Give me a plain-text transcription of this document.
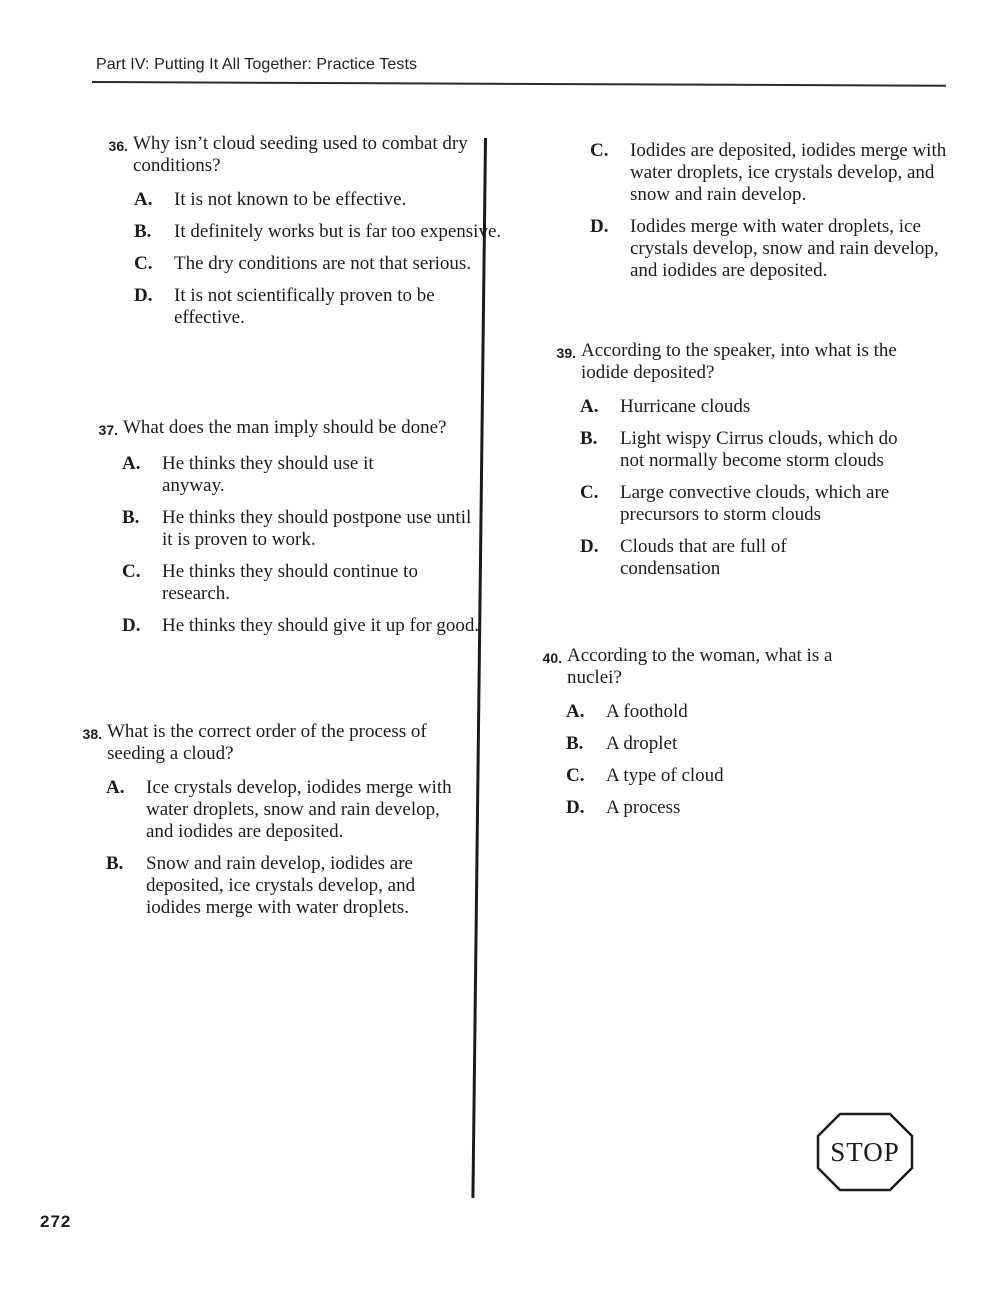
Part IV: Putting It All Together: Practice Tests
36. Why isn’t cloud seeding used to combat dry conditions?
A.	It is not known to be effective.
B.	It definitely works but is far too expensive.
C.	The dry conditions are not that serious.
D.	It is not scientifically proven to be effective.
37. What does the man imply should be done?
A.	He thinks they should use it anyway.
B.	He thinks they should postpone use until it is proven to work.
C.	He thinks they should continue to research.
D.	He thinks they should give it up for good.
38. What is the correct order of the process of seeding a cloud?
A.	Ice crystals develop, iodides merge with water droplets, snow and rain develop, and iodides are deposited.
B.	Snow and rain develop, iodides are deposited, ice crystals develop, and iodides merge with water droplets.
C.	Iodides are deposited, iodides merge with water droplets, ice crystals develop, and snow and rain develop.
D.	Iodides merge with water droplets, ice crystals develop, snow and rain develop, and iodides are deposited.
39. According to the speaker, into what is the iodide deposited?
A.	Hurricane clouds
B.	Light wispy Cirrus clouds, which do not normally become storm clouds
C.	Large convective clouds, which are precursors to storm clouds
D.	Clouds that are full of condensation
40. According to the woman, what is a nuclei?
A.	A foothold
B.	A droplet
C.	A type of cloud
D.	A process
STOP
272
